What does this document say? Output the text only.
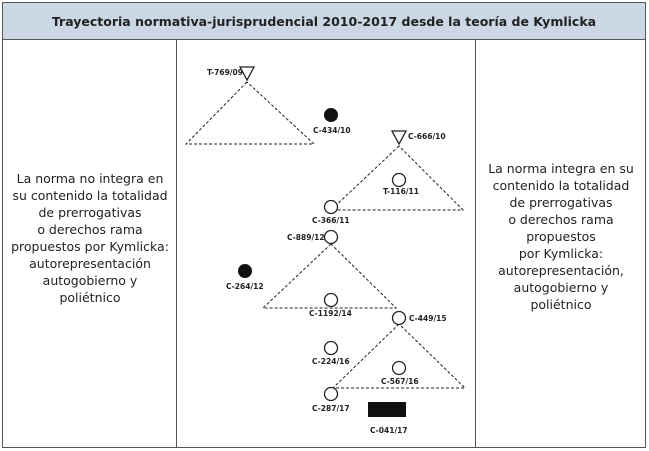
Trayectoria normativa-jurisprudencial 2010-2017 desde la teoría de Kymlicka
La norma no integra en
su contenido la totalidad
de prerrogativas
o derechos rama
propuestos por Kymlicka:
autorepresentación
autogobierno y
poliétnico
La norma integra en su
contenido la totalidad
de prerrogativas
o derechos rama
propuestos
por Kymlicka:
autorepresentación,
autogobierno y
poliétnico
T-769/09
C-434/10
C-666/10
T-116/11
C-366/11
C-889/12
C-264/12
C-1192/14
C-449/15
C-224/16
C-567/16
C-287/17
C-041/17
